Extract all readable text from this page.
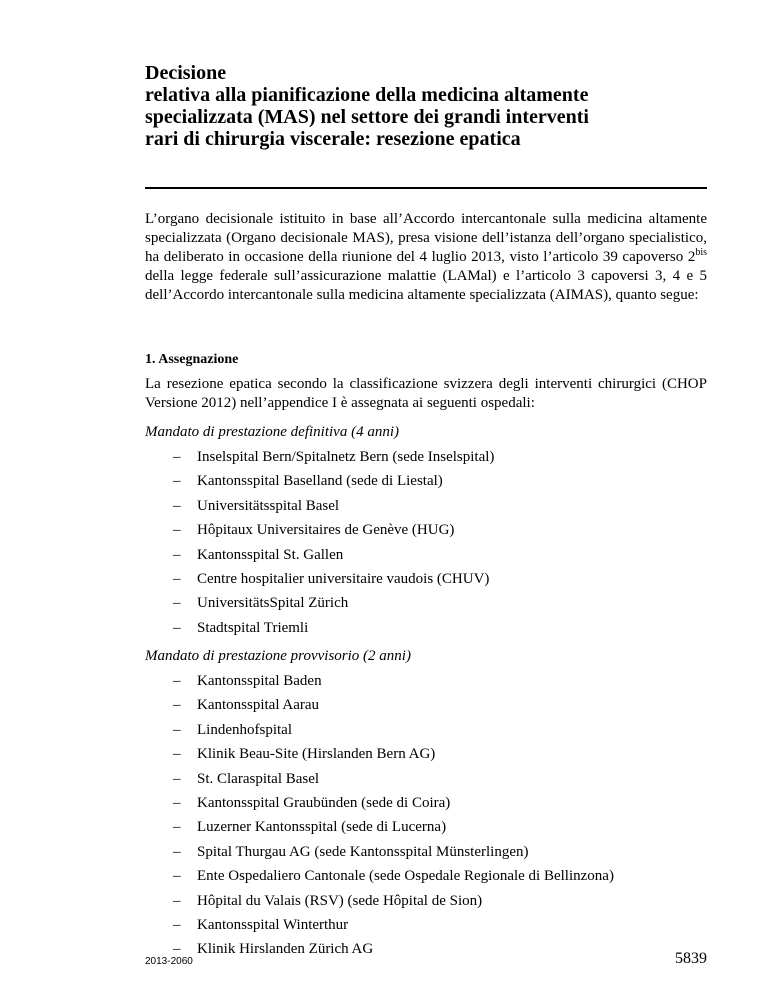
Decisione
relativa alla pianificazione della medicina altamente
specializzata (MAS) nel settore dei grandi interventi
rari di chirurgia viscerale: resezione epatica

L’organo decisionale istituito in base all’Accordo intercantonale sulla medicina altamente specializzata (Organo decisionale MAS), presa visione dell’istanza dell’organo specialistico, ha deliberato in occasione della riunione del 4 luglio 2013, visto l’articolo 39 capoverso $2^{bis}$ della legge federale sull’assicurazione malattie (LAMal) e l’articolo 3 capoversi 3, 4 e 5 dell’Accordo intercantonale sulla medicina altamente specializzata (AIMAS), quanto segue:

1. Assegnazione

La resezione epatica secondo la classificazione svizzera degli interventi chirurgici (CHOP Versione 2012) nell’appendice I è assegnata ai seguenti ospedali:

Mandato di prestazione definitiva (4 anni)
– Inselspital Bern/Spitalnetz Bern (sede Inselspital)
– Kantonsspital Baselland (sede di Liestal)
– Universitätsspital Basel
– Hôpitaux Universitaires de Genève (HUG)
– Kantonsspital St. Gallen
– Centre hospitalier universitaire vaudois (CHUV)
– UniversitätsSpital Zürich
– Stadtspital Triemli
Mandato di prestazione provvisorio (2 anni)
– Kantonsspital Baden
– Kantonsspital Aarau
– Lindenhofspital
– Klinik Beau-Site (Hirslanden Bern AG)
– St. Claraspital Basel
– Kantonsspital Graubünden (sede di Coira)
– Luzerner Kantonsspital (sede di Lucerna)
– Spital Thurgau AG (sede Kantonsspital Münsterlingen)
– Ente Ospedaliero Cantonale (sede Ospedale Regionale di Bellinzona)
– Hôpital du Valais (RSV) (sede Hôpital de Sion)
– Kantonsspital Winterthur
– Klinik Hirslanden Zürich AG
2013-2060	5839
